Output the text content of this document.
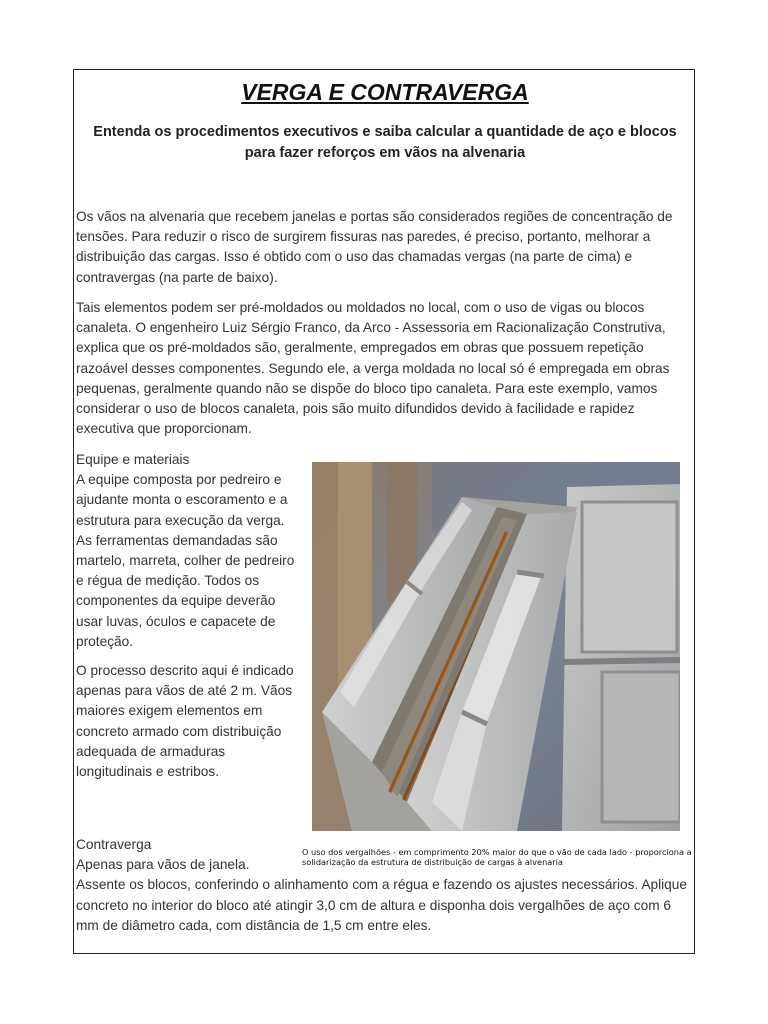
VERGA E CONTRAVERGA

Entenda os procedimentos executivos e saiba calcular a quantidade de aço e blocos para fazer reforços em vãos na alvenaria

Os vãos na alvenaria que recebem janelas e portas são considerados regiões de concentração de tensões. Para reduzir o risco de surgirem fissuras nas paredes, é preciso, portanto, melhorar a distribuição das cargas. Isso é obtido com o uso das chamadas vergas (na parte de cima) e contravergas (na parte de baixo).

Tais elementos podem ser pré-moldados ou moldados no local, com o uso de vigas ou blocos canaleta. O engenheiro Luiz Sérgio Franco, da Arco - Assessoria em Racionalização Construtiva, explica que os pré-moldados são, geralmente, empregados em obras que possuem repetição razoável desses componentes. Segundo ele, a verga moldada no local só é empregada em obras pequenas, geralmente quando não se dispõe do bloco tipo canaleta. Para este exemplo, vamos considerar o uso de blocos canaleta, pois são muito difundidos devido à facilidade e rapidez executiva que proporcionam.

Equipe e materiais
A equipe composta por pedreiro e ajudante monta o escoramento e a estrutura para execução da verga. As ferramentas demandadas são martelo, marreta, colher de pedreiro e régua de medição. Todos os componentes da equipe deverão usar luvas, óculos e capacete de proteção.

O processo descrito aqui é indicado apenas para vãos de até 2 m. Vãos maiores exigem elementos em concreto armado com distribuição adequada de armaduras longitudinais e estribos.

O uso dos vergalhões - em comprimento 20% maior do que o vão de cada lado - proporciona a solidarização da estrutura de distribuição de cargas à alvenaria

Contraverga
Apenas para vãos de janela.
Assente os blocos, conferindo o alinhamento com a régua e fazendo os ajustes necessários. Aplique concreto no interior do bloco até atingir 3,0 cm de altura e disponha dois vergalhões de aço com 6 mm de diâmetro cada, com distância de 1,5 cm entre eles.
